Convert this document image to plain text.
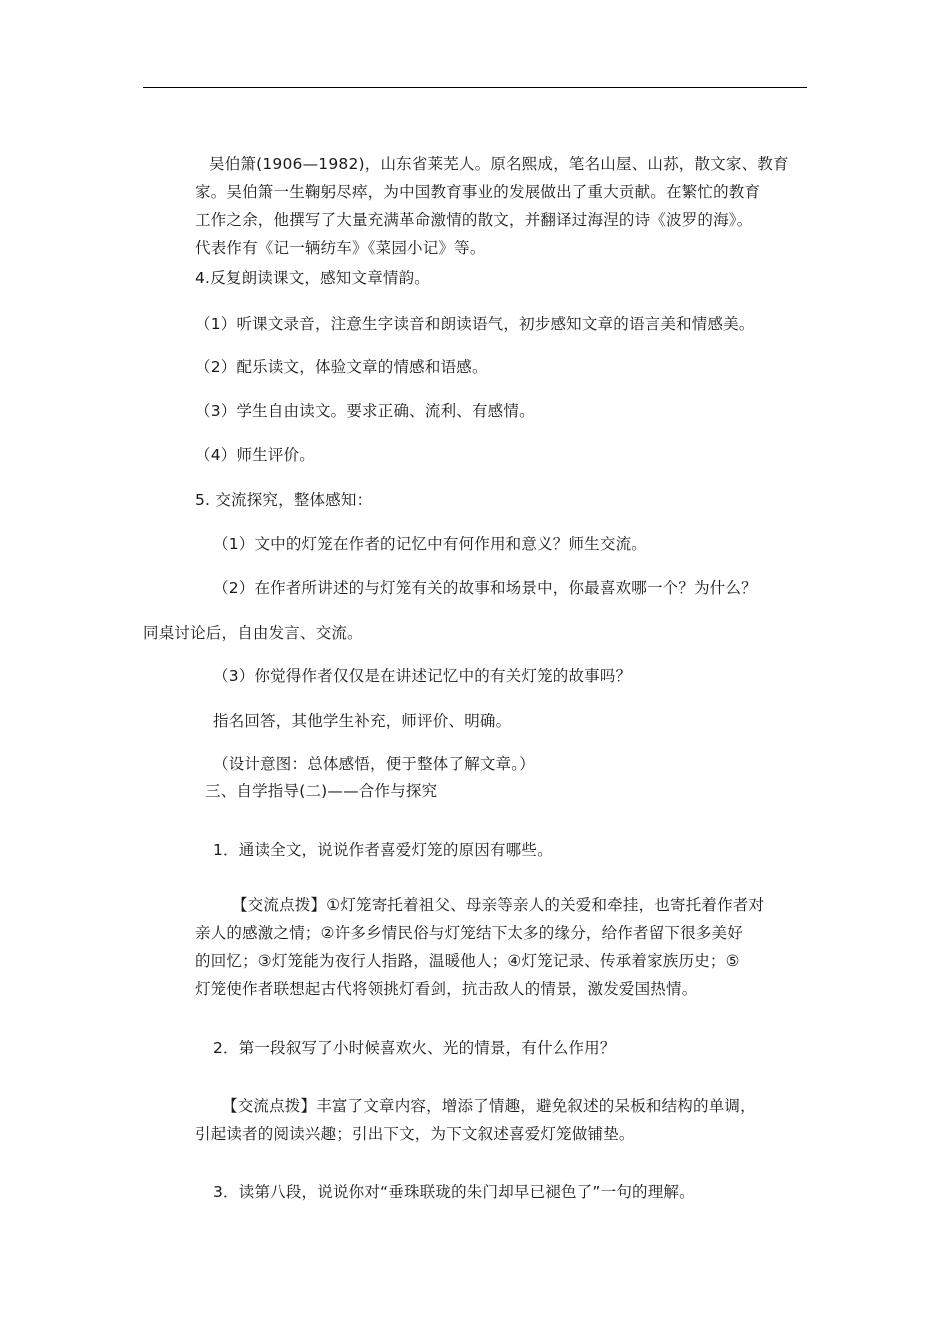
吴伯箫(1906—1982)，山东省莱芜人。原名熙成，笔名山屋、山荪，散文家、教育
家。吴伯箫一生鞠躬尽瘁，为中国教育事业的发展做出了重大贡献。在繁忙的教育
工作之余，他撰写了大量充满革命激情的散文，并翻译过海涅的诗《波罗的海》。
代表作有《记一辆纺车》《菜园小记》等。
4.反复朗读课文，感知文章情韵。
（1）听课文录音，注意生字读音和朗读语气，初步感知文章的语言美和情感美。
（2）配乐读文，体验文章的情感和语感。
（3）学生自由读文。要求正确、流利、有感情。
（4）师生评价。
5. 交流探究，整体感知：
（1）文中的灯笼在作者的记忆中有何作用和意义？师生交流。
（2）在作者所讲述的与灯笼有关的故事和场景中，你最喜欢哪一个？为什么？
同桌讨论后，自由发言、交流。
（3）你觉得作者仅仅是在讲述记忆中的有关灯笼的故事吗？
指名回答，其他学生补充，师评价、明确。
（设计意图：总体感悟，便于整体了解文章。）
三、自学指导(二)——合作与探究
1．通读全文，说说作者喜爱灯笼的原因有哪些。
【交流点拨】①灯笼寄托着祖父、母亲等亲人的关爱和牵挂，也寄托着作者对
亲人的感激之情；②许多乡情民俗与灯笼结下太多的缘分，给作者留下很多美好
的回忆；③灯笼能为夜行人指路，温暖他人；④灯笼记录、传承着家族历史；⑤
灯笼使作者联想起古代将领挑灯看剑，抗击敌人的情景，激发爱国热情。
2．第一段叙写了小时候喜欢火、光的情景，有什么作用？
【交流点拨】丰富了文章内容，增添了情趣，避免叙述的呆板和结构的单调，
引起读者的阅读兴趣；引出下文，为下文叙述喜爱灯笼做铺垫。
3．读第八段，说说你对“垂珠联珑的朱门却早已褪色了”一句的理解。
